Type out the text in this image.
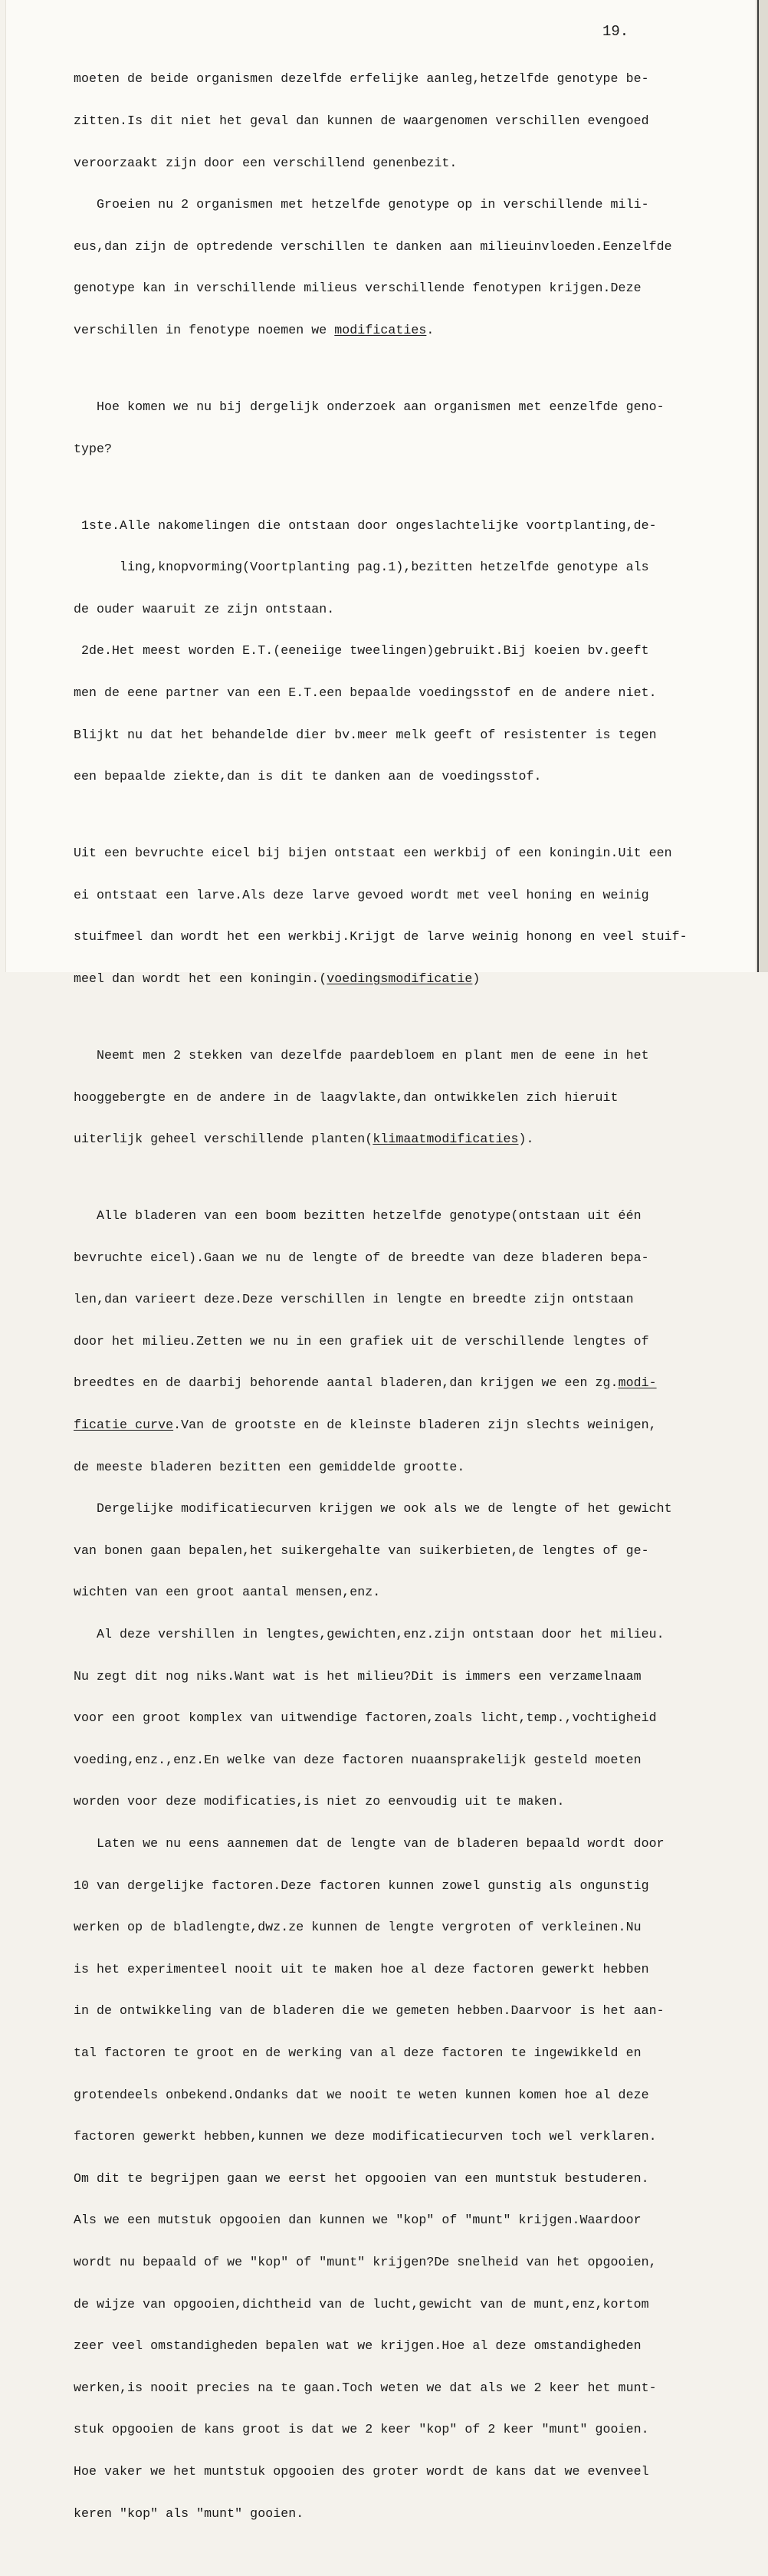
19.

moeten de beide organismen dezelfde erfelijke aanleg,hetzelfde genotype be-

zitten.Is dit niet het geval dan kunnen de waargenomen verschillen evengoed

veroorzaakt zijn door een verschillend genenbezit.

Groeien nu 2 organismen met hetzelfde genotype op in verschillende mili-

eus,dan zijn de optredende verschillen te danken aan milieuinvloeden.Eenzelfde

genotype kan in verschillende milieus verschillende fenotypen krijgen.Deze

verschillen in fenotype noemen we modificaties.

Hoe komen we nu bij dergelijk onderzoek aan organismen met eenzelfde geno-

type?

1ste.Alle nakomelingen die ontstaan door ongeslachtelijke voortplanting,de-

ling,knopvorming(Voortplanting pag.1),bezitten hetzelfde genotype als

de ouder waaruit ze zijn ontstaan.

2de.Het meest worden E.T.(eeneiige tweelingen)gebruikt.Bij koeien bv.geeft

men de eene partner van een E.T.een bepaalde voedingsstof en de andere niet.

Blijkt nu dat het behandelde dier bv.meer melk geeft of resistenter is tegen

een bepaalde ziekte,dan is dit te danken aan de voedingsstof.

Uit een bevruchte eicel bij bijen ontstaat een werkbij of een koningin.Uit een

ei ontstaat een larve.Als deze larve gevoed wordt met veel honing en weinig

stuifmeel dan wordt het een werkbij.Krijgt de larve weinig honong en veel stuif-

meel dan wordt het een koningin.(voedingsmodificatie)

Neemt men 2 stekken van dezelfde paardebloem en plant men de eene in het

hooggebergte en de andere in de laagvlakte,dan ontwikkelen zich hieruit

uiterlijk geheel verschillende planten(klimaatmodificaties).

Alle bladeren van een boom bezitten hetzelfde genotype(ontstaan uit één

bevruchte eicel).Gaan we nu de lengte of de breedte van deze bladeren bepa-

len,dan varieert deze.Deze verschillen in lengte en breedte zijn ontstaan

door het milieu.Zetten we nu in een grafiek uit de verschillende lengtes of

breedtes en de daarbij behorende aantal bladeren,dan krijgen we een zg.modi-

ficatie curve.Van de grootste en de kleinste bladeren zijn slechts weinigen,

de meeste bladeren bezitten een gemiddelde grootte.

Dergelijke modificatiecurven krijgen we ook als we de lengte of het gewicht

van bonen gaan bepalen,het suikergehalte van suikerbieten,de lengtes of ge-

wichten van een groot aantal mensen,enz.

Al deze vershillen in lengtes,gewichten,enz.zijn ontstaan door het milieu.

Nu zegt dit nog niks.Want wat is het milieu?Dit is immers een verzamelnaam

voor een groot komplex van uitwendige factoren,zoals licht,temp.,vochtigheid

voeding,enz.,enz.En welke van deze factoren nuaansprakelijk gesteld moeten

worden voor deze modificaties,is niet zo eenvoudig uit te maken.

Laten we nu eens aannemen dat de lengte van de bladeren bepaald wordt door

10 van dergelijke factoren.Deze factoren kunnen zowel gunstig als ongunstig

werken op de bladlengte,dwz.ze kunnen de lengte vergroten of verkleinen.Nu

is het experimenteel nooit uit te maken hoe al deze factoren gewerkt hebben

in de ontwikkeling van de bladeren die we gemeten hebben.Daarvoor is het aan-

tal factoren te groot en de werking van al deze factoren te ingewikkeld en

grotendeels onbekend.Ondanks dat we nooit te weten kunnen komen hoe al deze

factoren gewerkt hebben,kunnen we deze modificatiecurven toch wel verklaren.

Om dit te begrijpen gaan we eerst het opgooien van een muntstuk bestuderen.

Als we een mutstuk opgooien dan kunnen we "kop" of "munt" krijgen.Waardoor

wordt nu bepaald of we "kop" of "munt" krijgen?De snelheid van het opgooien,

de wijze van opgooien,dichtheid van de lucht,gewicht van de munt,enz,kortom

zeer veel omstandigheden bepalen wat we krijgen.Hoe al deze omstandigheden

werken,is nooit precies na te gaan.Toch weten we dat als we 2 keer het munt-

stuk opgooien de kans groot is dat we 2 keer "kop" of 2 keer "munt" gooien.

Hoe vaker we het muntstuk opgooien des groter wordt de kans dat we evenveel

keren "kop" als "munt" gooien.
